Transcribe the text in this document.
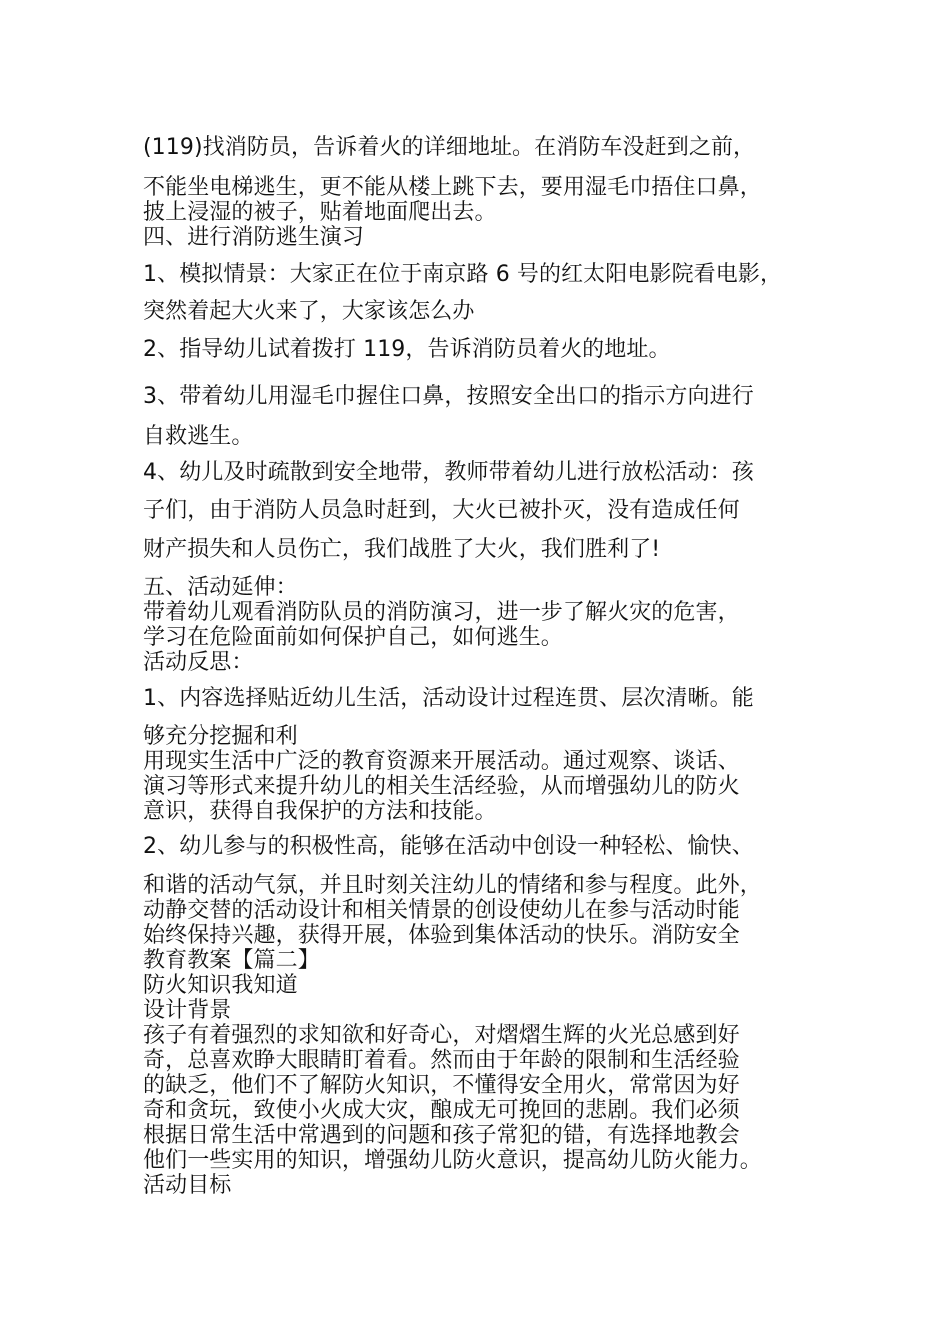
(119)找消防员，告诉着火的详细地址。在消防车没赶到之前，
不能坐电梯逃生，更不能从楼上跳下去，要用湿毛巾捂住口鼻，
披上浸湿的被子，贴着地面爬出去。
四、进行消防逃生演习
1、模拟情景：大家正在位于南京路 6 号的红太阳电影院看电影，
突然着起大火来了，大家该怎么办
2、指导幼儿试着拨打 119，告诉消防员着火的地址。
3、带着幼儿用湿毛巾握住口鼻，按照安全出口的指示方向进行
自救逃生。
4、幼儿及时疏散到安全地带，教师带着幼儿进行放松活动：孩
子们，由于消防人员急时赶到，大火已被扑灭，没有造成任何
财产损失和人员伤亡，我们战胜了大火，我们胜利了!
五、活动延伸：
带着幼儿观看消防队员的消防演习，进一步了解火灾的危害，
学习在危险面前如何保护自己，如何逃生。
活动反思：
1、内容选择贴近幼儿生活，活动设计过程连贯、层次清晰。能
够充分挖掘和利
用现实生活中广泛的教育资源来开展活动。通过观察、谈话、
演习等形式来提升幼儿的相关生活经验，从而增强幼儿的防火
意识，获得自我保护的方法和技能。
2、幼儿参与的积极性高，能够在活动中创设一种轻松、愉快、
和谐的活动气氛，并且时刻关注幼儿的情绪和参与程度。此外，
动静交替的活动设计和相关情景的创设使幼儿在参与活动时能
始终保持兴趣，获得开展，体验到集体活动的快乐。消防安全
教育教案【篇二】
防火知识我知道
设计背景
孩子有着强烈的求知欲和好奇心，对熠熠生辉的火光总感到好
奇，总喜欢睁大眼睛盯着看。然而由于年龄的限制和生活经验
的缺乏，他们不了解防火知识，不懂得安全用火，常常因为好
奇和贪玩，致使小火成大灾，酿成无可挽回的悲剧。我们必须
根据日常生活中常遇到的问题和孩子常犯的错，有选择地教会
他们一些实用的知识，增强幼儿防火意识，提高幼儿防火能力。
活动目标
